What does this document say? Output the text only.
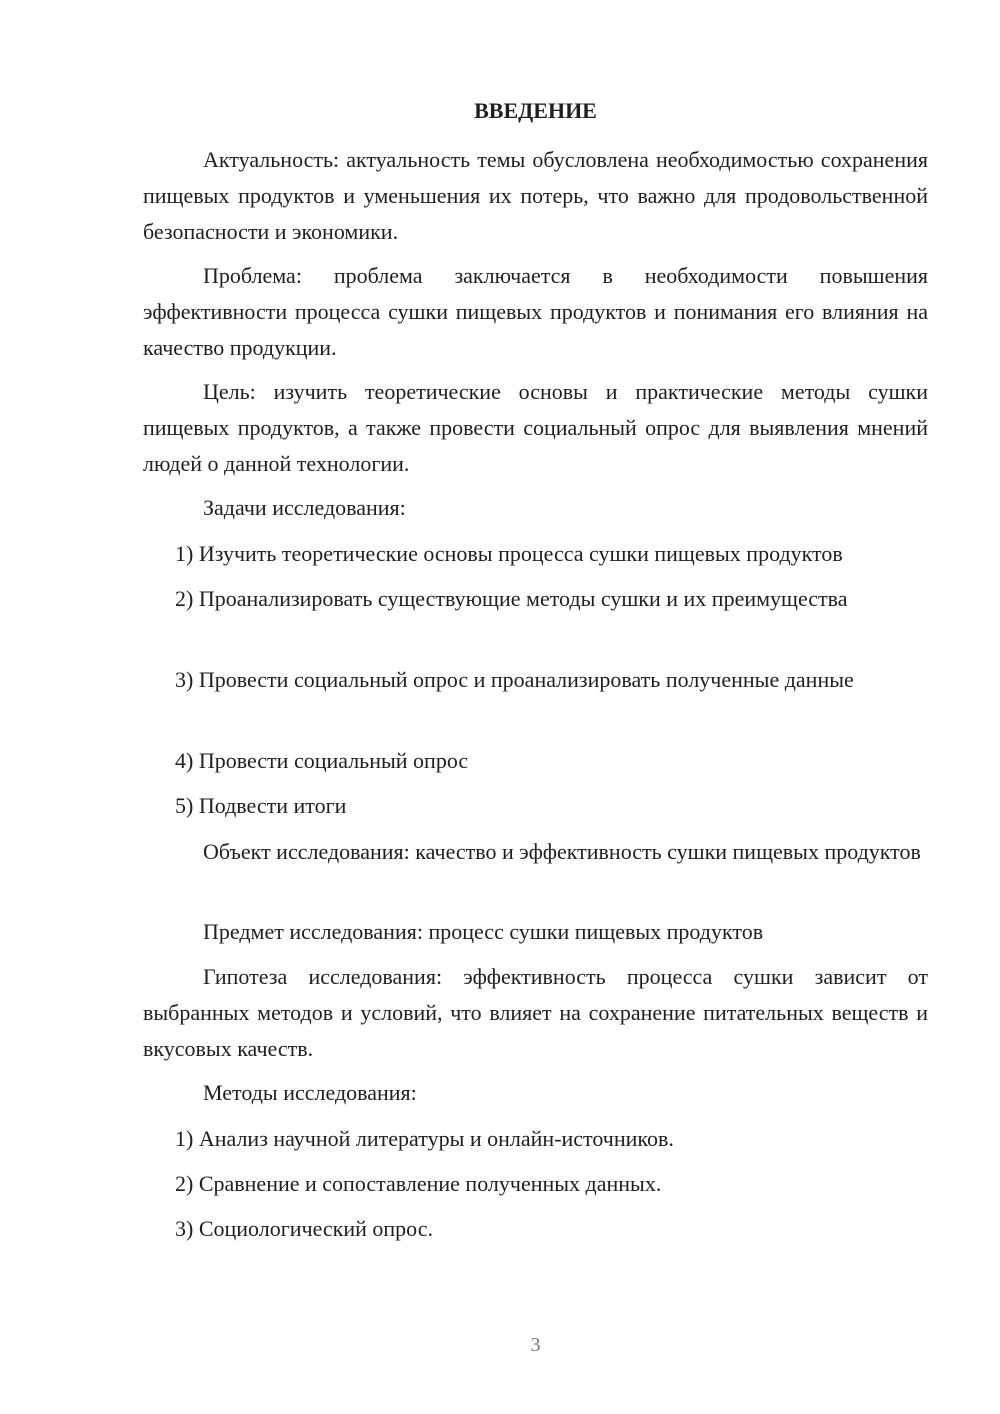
ВВЕДЕНИЕ

Актуальность: актуальность темы обусловлена необходимостью сохранения пищевых продуктов и уменьшения их потерь, что важно для продовольственной безопасности и экономики.

Проблема: проблема заключается в необходимости повышения эффективности процесса сушки пищевых продуктов и понимания его влияния на качество продукции.

Цель: изучить теоретические основы и практические методы сушки пищевых продуктов, а также провести социальный опрос для выявления мнений людей о данной технологии.

Задачи исследования:

1) Изучить теоретические основы процесса сушки пищевых продуктов

2) Проанализировать существующие методы сушки и их преимущества

3) Провести социальный опрос и проанализировать полученные данные

4) Провести социальный опрос

5) Подвести итоги

Объект исследования: качество и эффективность сушки пищевых продуктов

Предмет исследования: процесс сушки пищевых продуктов

Гипотеза исследования: эффективность процесса сушки зависит от выбранных методов и условий, что влияет на сохранение питательных веществ и вкусовых качеств.

Методы исследования:

1) Анализ научной литературы и онлайн-источников.

2) Сравнение и сопоставление полученных данных.

3) Социологический опрос.

3
